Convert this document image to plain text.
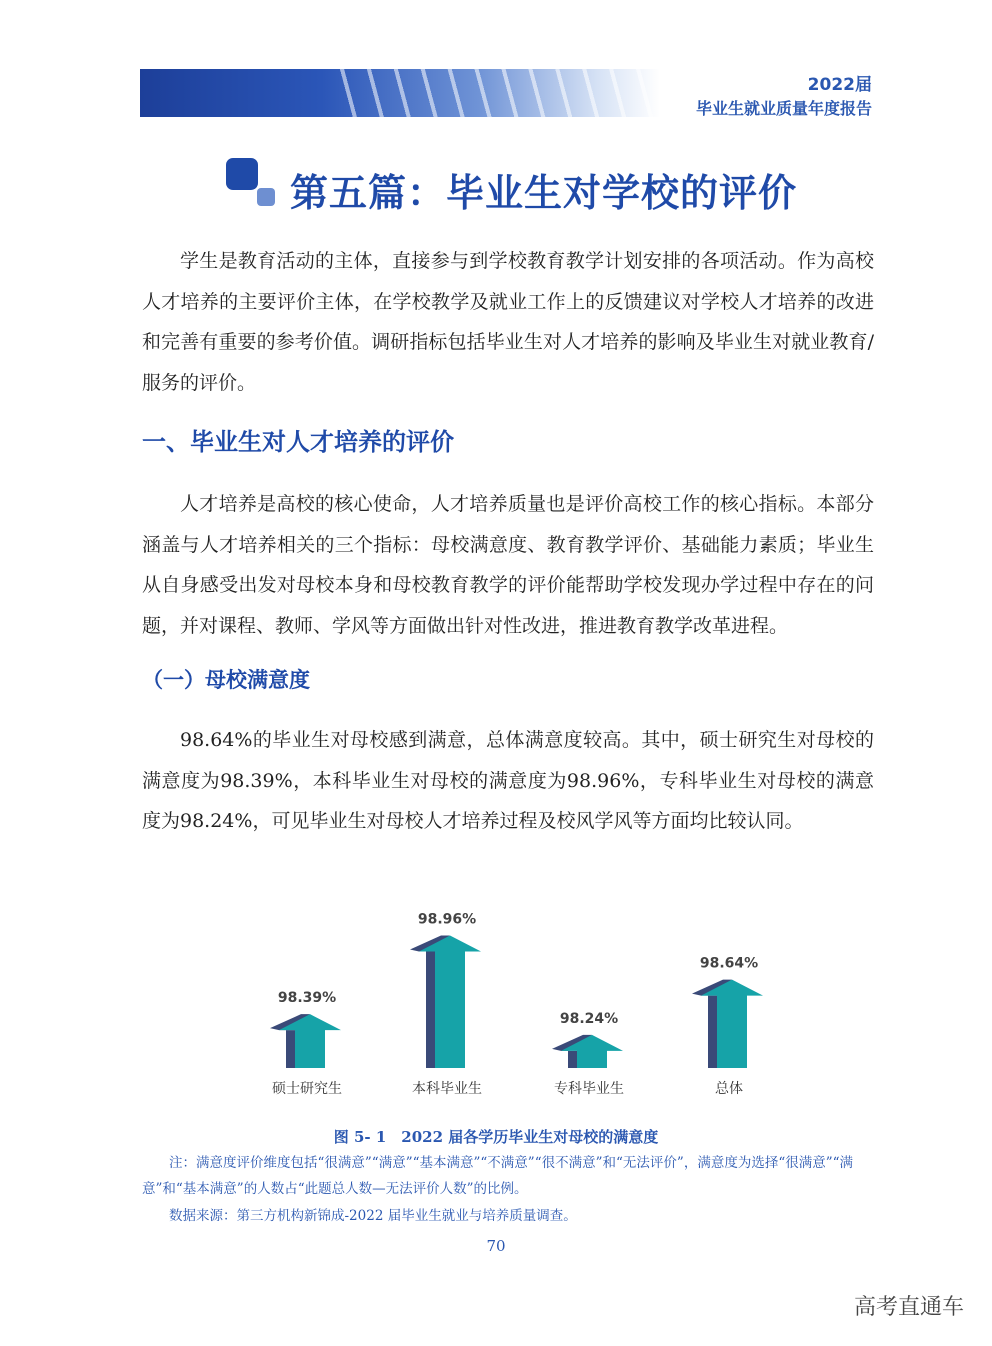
2022届
毕业生就业质量年度报告
第五篇：毕业生对学校的评价

学生是教育活动的主体，直接参与到学校教育教学计划安排的各项活动。作为高校人才培养的主要评价主体，在学校教学及就业工作上的反馈建议对学校人才培养的改进和完善有重要的参考价值。调研指标包括毕业生对人才培养的影响及毕业生对就业教育/服务的评价。

一、毕业生对人才培养的评价

人才培养是高校的核心使命，人才培养质量也是评价高校工作的核心指标。本部分涵盖与人才培养相关的三个指标：母校满意度、教育教学评价、基础能力素质；毕业生从自身感受出发对母校本身和母校教育教学的评价能帮助学校发现办学过程中存在的问题，并对课程、教师、学风等方面做出针对性改进，推进教育教学改革进程。

（一）母校满意度

98.64%的毕业生对母校感到满意，总体满意度较高。其中，硕士研究生对母校的满意度为98.39%，本科毕业生对母校的满意度为98.96%，专科毕业生对母校的满意度为98.24%，可见毕业生对母校人才培养过程及校风学风等方面均比较认同。

98.39%
硕士研究生
98.96%
本科毕业生
98.24%
专科毕业生
98.64%
总体
图 5- 1　2022 届各学历毕业生对母校的满意度

注：满意度评价维度包括“很满意”“满意”“基本满意”“不满意”“很不满意”和“无法评价”，满意度为选择“很满意”“满意”和“基本满意”的人数占“此题总人数—无法评价人数”的比例。

数据来源：第三方机构新锦成-2022 届毕业生就业与培养质量调查。

70
高考直通车
